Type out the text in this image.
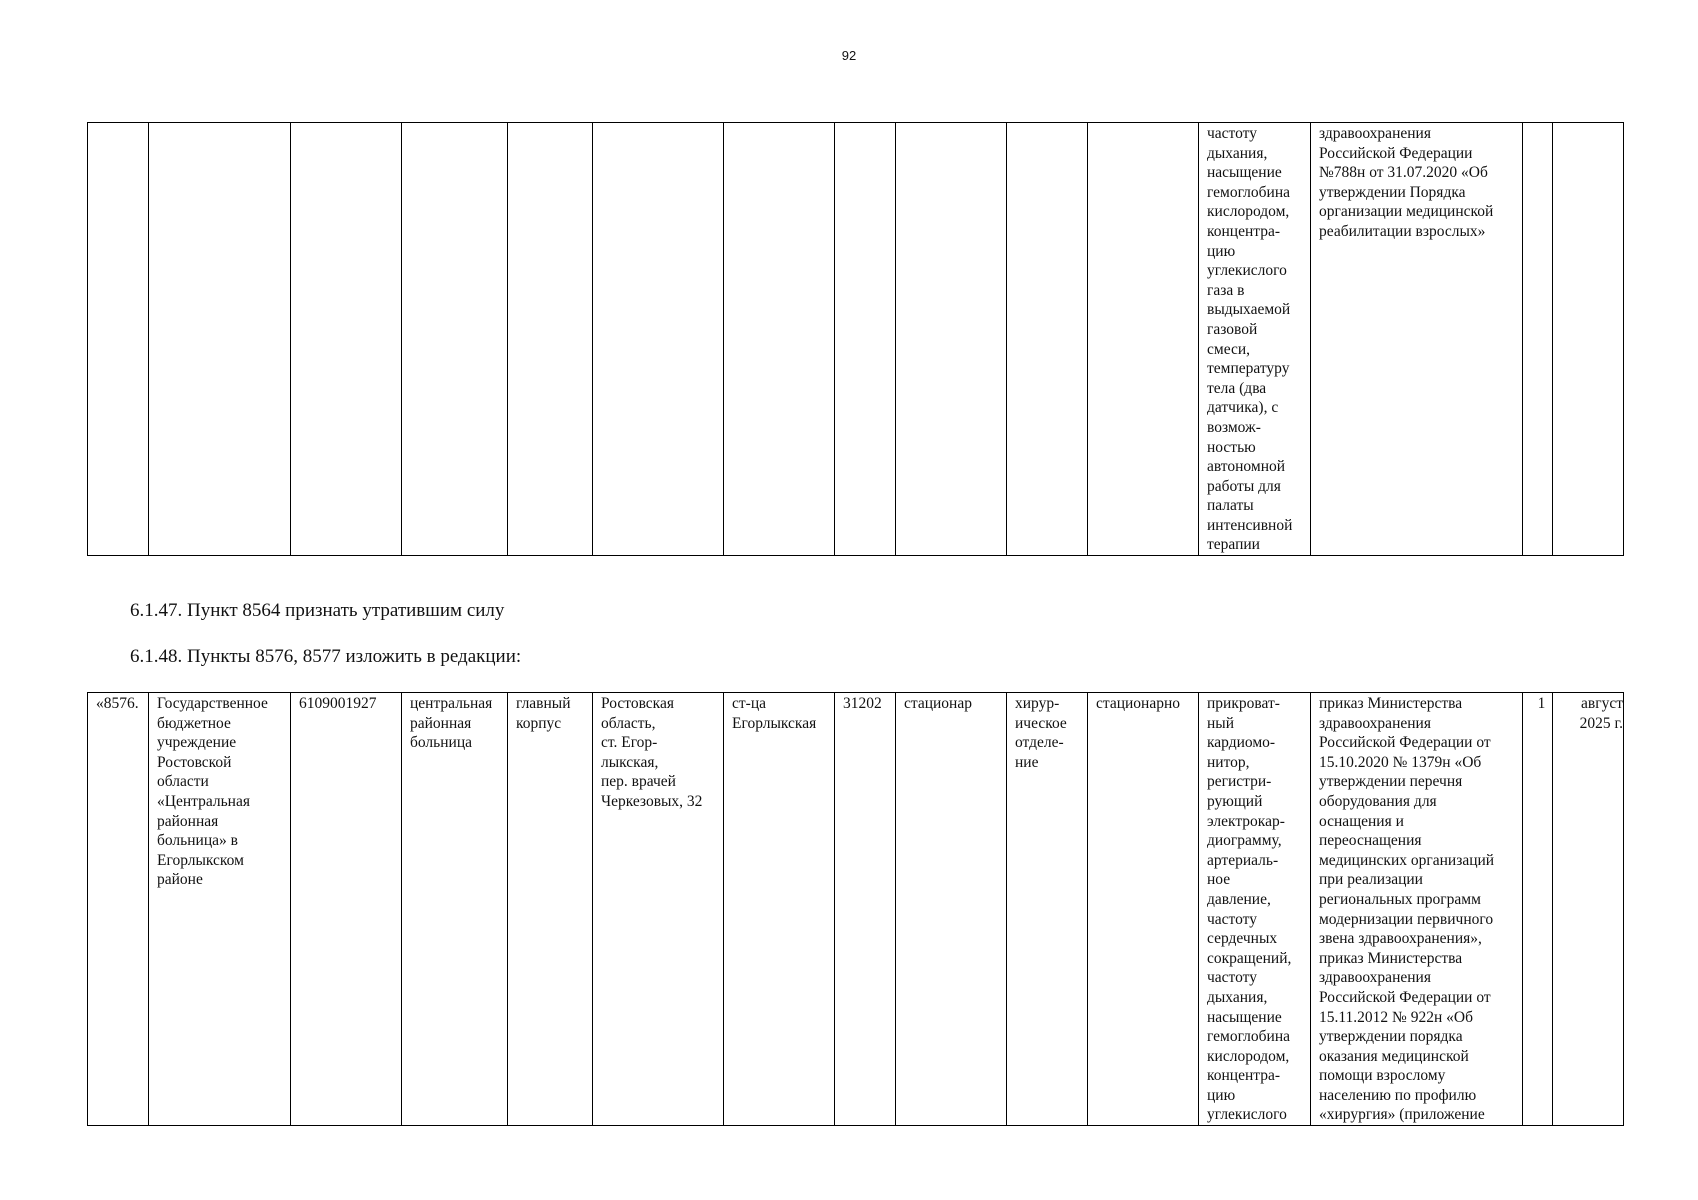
92
											частоту
дыхания,
насыщение
гемоглобина
кислородом,
концентра-
цию
углекислого
газа в
выдыхаемой
газовой
смеси,
температуру
тела (два
датчика), с
возмож-
ностью
автономной
работы для
палаты
интенсивной
терапии	здравоохранения
Российской Федерации
№788н от 31.07.2020 «Об
утверждении Порядка
организации медицинской
реабилитации взрослых»		
6.1.47. Пункт 8564 признать утратившим силу
6.1.48. Пункты 8576, 8577 изложить в редакции:
«8576.	Государственное
бюджетное
учреждение
Ростовской
области
«Центральная
районная
больница» в
Егорлыкском
районе	6109001927	центральная
районная
больница	главный
корпус	Ростовская
область,
ст. Егор-
лыкская,
пер. врачей
Черкезовых, 32	ст-ца
Егорлыкская	31202	стационар	хирур-
ическое
отделе-
ние	стационарно	прикроват-
ный
кардиомо-
нитор,
регистри-
рующий
электрокар-
диограмму,
артериаль-
ное
давление,
частоту
сердечных
сокращений,
частоту
дыхания,
насыщение
гемоглобина
кислородом,
концентра-
цию
углекислого	приказ Министерства
здравоохранения
Российской Федерации от
15.10.2020 № 1379н «Об
утверждении перечня
оборудования для
оснащения и
переоснащения
медицинских организаций
при реализации
региональных программ
модернизации первичного
звена здравоохранения»,
приказ Министерства
здравоохранения
Российской Федерации от
15.11.2012 № 922н «Об
утверждении порядка
оказания медицинской
помощи взрослому
населению по профилю
«хирургия» (приложение	1	август
2025 г.
